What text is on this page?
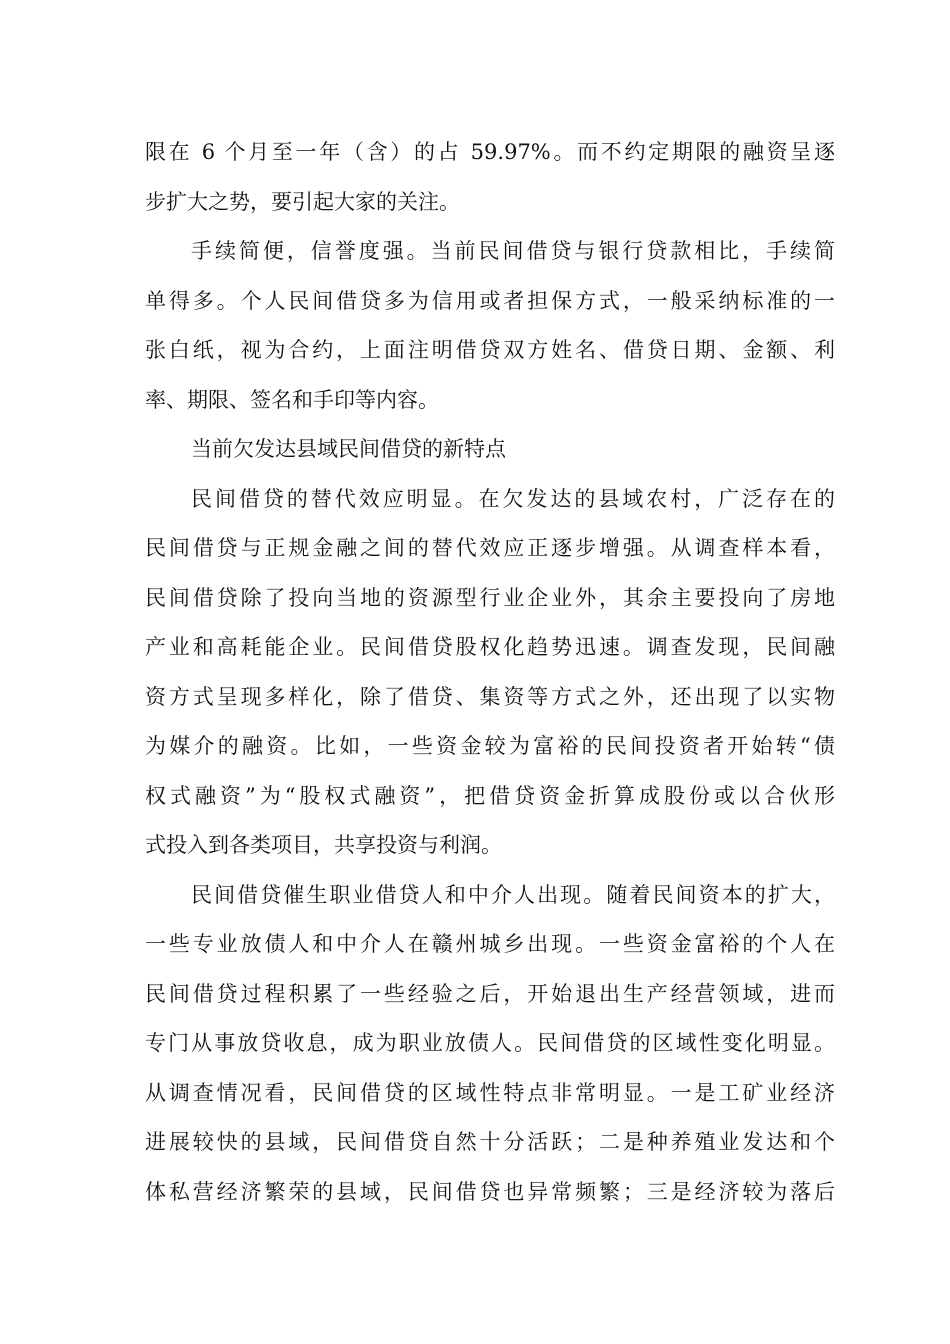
限在 6 个月至一年（含）的占 59.97%。而不约定期限的融资呈逐
步扩大之势，要引起大家的关注。
手续简便，信誉度强。当前民间借贷与银行贷款相比，手续简
单得多。个人民间借贷多为信用或者担保方式，一般采纳标准的一
张白纸，视为合约，上面注明借贷双方姓名、借贷日期、金额、利
率、期限、签名和手印等内容。
当前欠发达县域民间借贷的新特点
民间借贷的替代效应明显。在欠发达的县域农村，广泛存在的
民间借贷与正规金融之间的替代效应正逐步增强。从调查样本看，
民间借贷除了投向当地的资源型行业企业外，其余主要投向了房地
产业和高耗能企业。民间借贷股权化趋势迅速。调查发现，民间融
资方式呈现多样化，除了借贷、集资等方式之外，还出现了以实物
为媒介的融资。比如，一些资金较为富裕的民间投资者开始转“债
权式融资”为“股权式融资”，把借贷资金折算成股份或以合伙形
式投入到各类项目，共享投资与利润。
民间借贷催生职业借贷人和中介人出现。随着民间资本的扩大，
一些专业放债人和中介人在赣州城乡出现。一些资金富裕的个人在
民间借贷过程积累了一些经验之后，开始退出生产经营领域，进而
专门从事放贷收息，成为职业放债人。民间借贷的区域性变化明显。
从调查情况看，民间借贷的区域性特点非常明显。一是工矿业经济
进展较快的县域，民间借贷自然十分活跃；二是种养殖业发达和个
体私营经济繁荣的县域，民间借贷也异常频繁；三是经济较为落后
